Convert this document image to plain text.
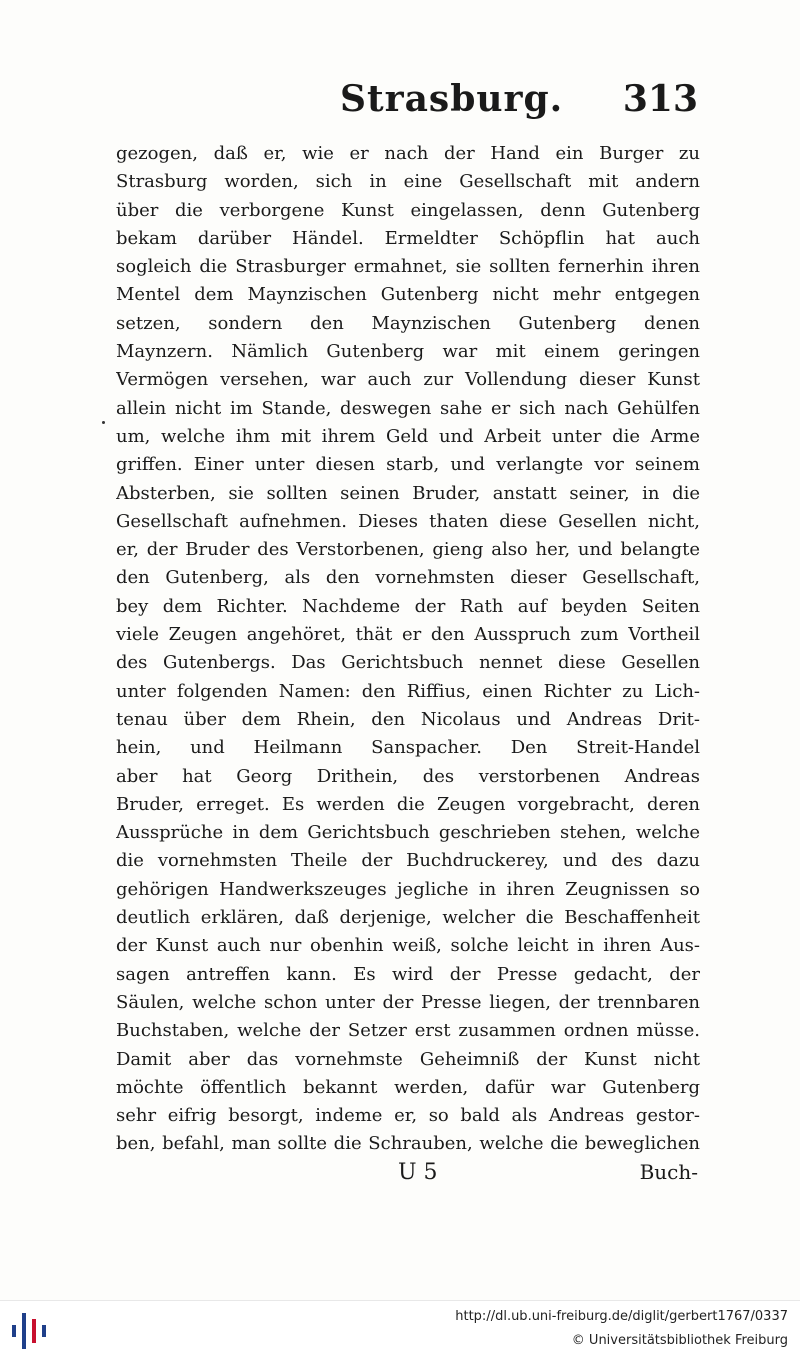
Strasburg. 313
gezogen, daß er, wie er nach der Hand ein Burger zu
Strasburg worden, sich in eine Gesellschaft mit andern
über die verborgene Kunst eingelassen, denn Gutenberg
bekam darüber Händel. Ermeldter Schöpflin hat auch
sogleich die Strasburger ermahnet, sie sollten fernerhin ihren
Mentel dem Maynzischen Gutenberg nicht mehr entgegen
setzen, sondern den Maynzischen Gutenberg denen
Maynzern. Nämlich Gutenberg war mit einem geringen
Vermögen versehen, war auch zur Vollendung dieser Kunst
allein nicht im Stande, deswegen sahe er sich nach Gehülfen
um, welche ihm mit ihrem Geld und Arbeit unter die Arme
griffen. Einer unter diesen starb, und verlangte vor seinem
Absterben, sie sollten seinen Bruder, anstatt seiner, in die
Gesellschaft aufnehmen. Dieses thaten diese Gesellen nicht,
er, der Bruder des Verstorbenen, gieng also her, und belangte
den Gutenberg, als den vornehmsten dieser Gesellschaft,
bey dem Richter. Nachdeme der Rath auf beyden Seiten
viele Zeugen angehöret, thät er den Ausspruch zum Vortheil
des Gutenbergs. Das Gerichtsbuch nennet diese Gesellen
unter folgenden Namen: den Riffius, einen Richter zu Lich-
tenau über dem Rhein, den Nicolaus und Andreas Drit-
hein, und Heilmann Sanspacher. Den Streit-Handel
aber hat Georg Drithein, des verstorbenen Andreas
Bruder, erreget. Es werden die Zeugen vorgebracht, deren
Aussprüche in dem Gerichtsbuch geschrieben stehen, welche
die vornehmsten Theile der Buchdruckerey, und des dazu
gehörigen Handwerkszeuges jegliche in ihren Zeugnissen so
deutlich erklären, daß derjenige, welcher die Beschaffenheit
der Kunst auch nur obenhin weiß, solche leicht in ihren Aus-
sagen antreffen kann. Es wird der Presse gedacht, der
Säulen, welche schon unter der Presse liegen, der trennbaren
Buchstaben, welche der Setzer erst zusammen ordnen müsse.
Damit aber das vornehmste Geheimniß der Kunst nicht
möchte öffentlich bekannt werden, dafür war Gutenberg
sehr eifrig besorgt, indeme er, so bald als Andreas gestor-
ben, befahl, man sollte die Schrauben, welche die beweglichen
U 5	Buch-
http://dl.ub.uni-freiburg.de/diglit/gerbert1767/0337
© Universitätsbibliothek Freiburg
